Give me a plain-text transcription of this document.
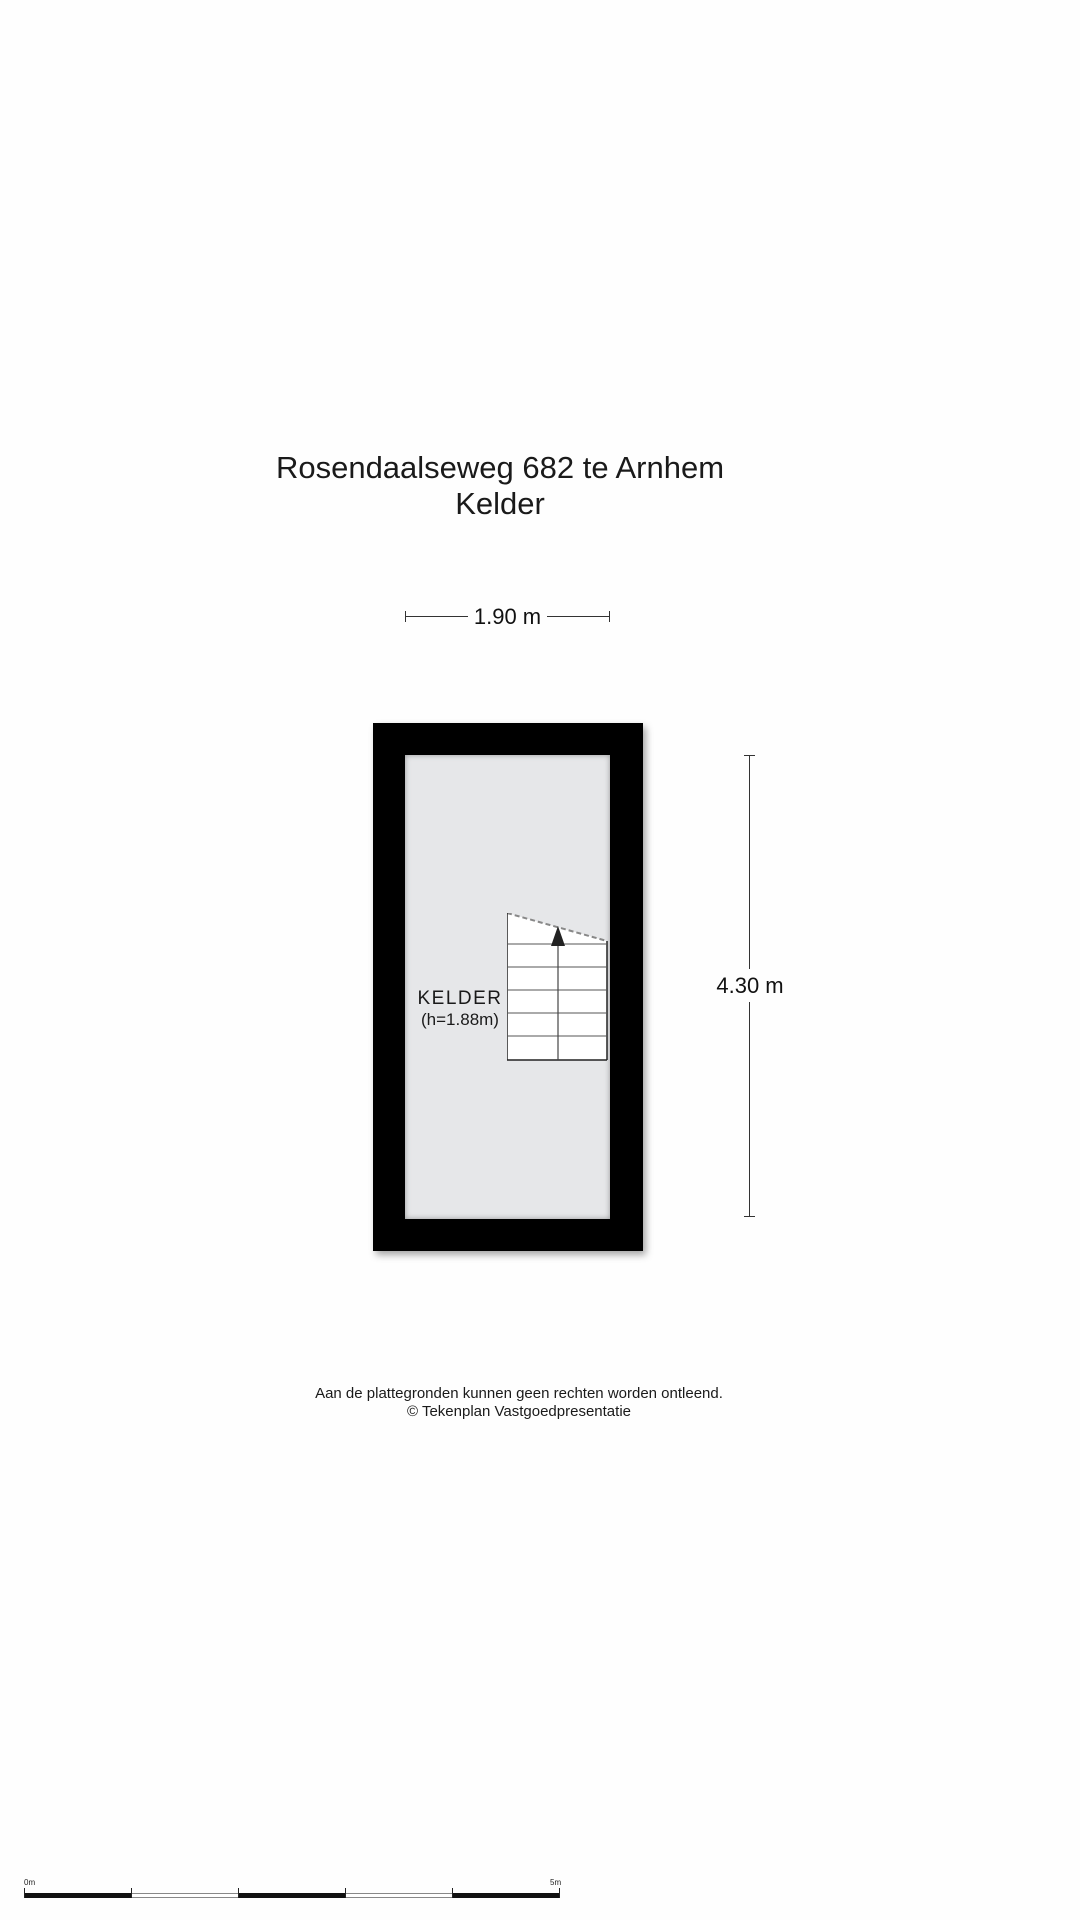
Rosendaalseweg 682 te Arnhem
Kelder
1.90 m
KELDER
(h=1.88m)
4.30 m
Aan de plattegronden kunnen geen rechten worden ontleend.
© Tekenplan Vastgoedpresentatie
0m	5m
